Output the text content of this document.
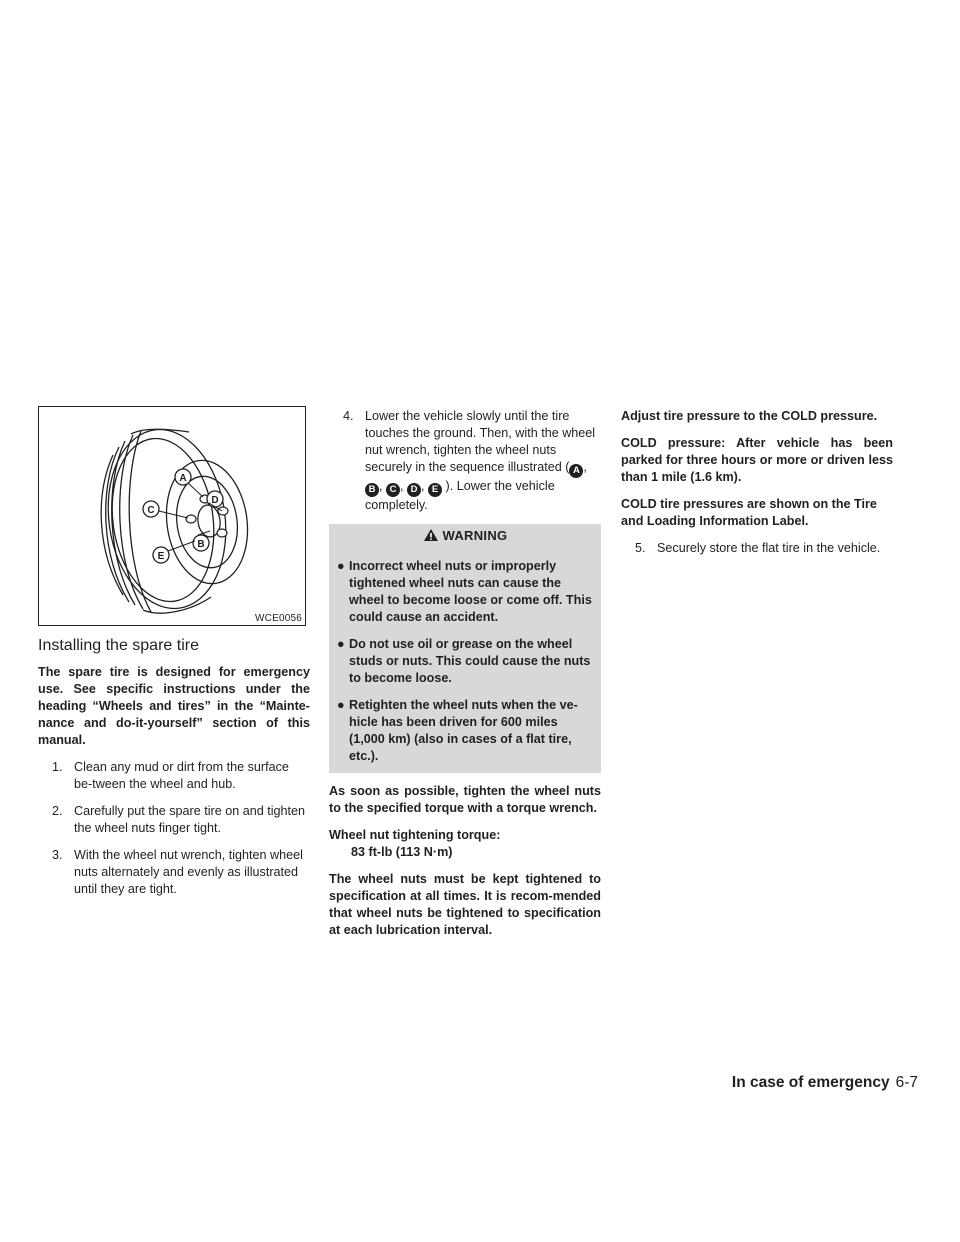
A
D
C
B
E
WCE0056
Installing the spare tire

The spare tire is designed for emergency use. See specific instructions under the heading “Wheels and tires” in the “Mainte-nance and do-it-yourself” section of this manual.

1. Clean any mud or dirt from the surface be-tween the wheel and hub.
2. Carefully put the spare tire on and tighten the wheel nuts finger tight.
3. With the wheel nut wrench, tighten wheel nuts alternately and evenly as illustrated until they are tight.
4. Lower the vehicle slowly until the tire touches the ground. Then, with the wheel nut wrench, tighten the wheel nuts securely in the sequence illustrated ( A , B , C , D , E ). Lower the vehicle completely.
WARNING
● Incorrect wheel nuts or improperly tightened wheel nuts can cause the wheel to become loose or come off. This could cause an accident.
● Do not use oil or grease on the wheel studs or nuts. This could cause the nuts to become loose.
● Retighten the wheel nuts when the ve-hicle has been driven for 600 miles (1,000 km) (also in cases of a flat tire, etc.).

As soon as possible, tighten the wheel nuts to the specified torque with a torque wrench.

Wheel nut tightening torque:
83 ft-lb (113 N·m)

The wheel nuts must be kept tightened to specification at all times. It is recom-mended that wheel nuts be tightened to specification at each lubrication interval.

Adjust tire pressure to the COLD pressure.

COLD pressure: After vehicle has been parked for three hours or more or driven less than 1 mile (1.6 km).

COLD tire pressures are shown on the Tire and Loading Information Label.

5. Securely store the flat tire in the vehicle.
In case of emergency 6-7
